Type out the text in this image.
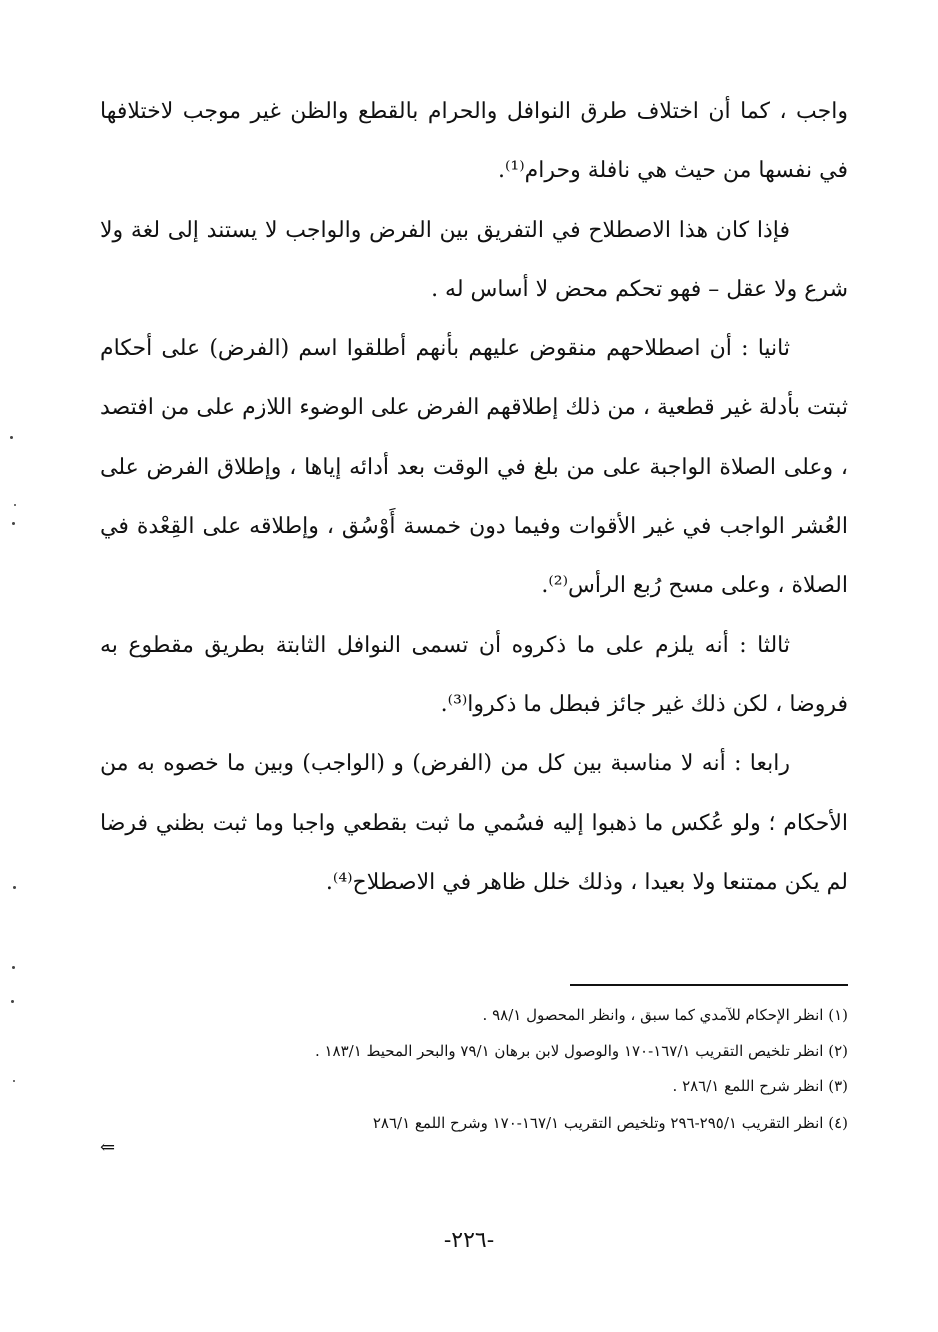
واجب ، كما أن اختلاف طرق النوافل والحرام بالقطع والظن غير موجب لاختلافها في نفسها من حيث هي نافلة وحرام⁽¹⁾.

فإذا كان هذا الاصطلاح في التفريق بين الفرض والواجب لا يستند إلى لغة ولا شرع ولا عقل – فهو تحكم محض لا أساس له .

ثانيا : أن اصطلاحهم منقوض عليهم بأنهم أطلقوا اسم (الفرض) على أحكام ثبتت بأدلة غير قطعية ، من ذلك إطلاقهم الفرض على الوضوء اللازم على من افتصد ، وعلى الصلاة الواجبة على من بلغ في الوقت بعد أدائه إياها ، وإطلاق الفرض على العُشر الواجب في غير الأقوات وفيما دون خمسة أَوْسُق ، وإطلاقه على القِعْدة في الصلاة ، وعلى مسح رُبع الرأس⁽²⁾.

ثالثا : أنه يلزم على ما ذكروه أن تسمى النوافل الثابتة بطريق مقطوع به فروضا ، لكن ذلك غير جائز فبطل ما ذكروا⁽³⁾.

رابعا : أنه لا مناسبة بين كل من (الفرض) و (الواجب) وبين ما خصوه به من الأحكام ؛ ولو عُكس ما ذهبوا إليه فسُمي ما ثبت بقطعي واجبا وما ثبت بظني فرضا لم يكن ممتنعا ولا بعيدا ، وذلك خلل ظاهر في الاصطلاح⁽⁴⁾.

(١) انظر الإحكام للآمدي كما سبق ، وانظر المحصول ٩٨/١ .

(٢) انظر تلخيص التقريب ١٦٧/١-١٧٠ والوصول لابن برهان ٧٩/١ والبحر المحيط ١٨٣/١ .

(٣) انظر شرح اللمع ٢٨٦/١ .

(٤) انظر التقريب ٢٩٥/١-٢٩٦ وتلخيص التقريب ١٦٧/١-١٧٠ وشرح اللمع ٢٨٦/١

⇐
-٢٢٦-
